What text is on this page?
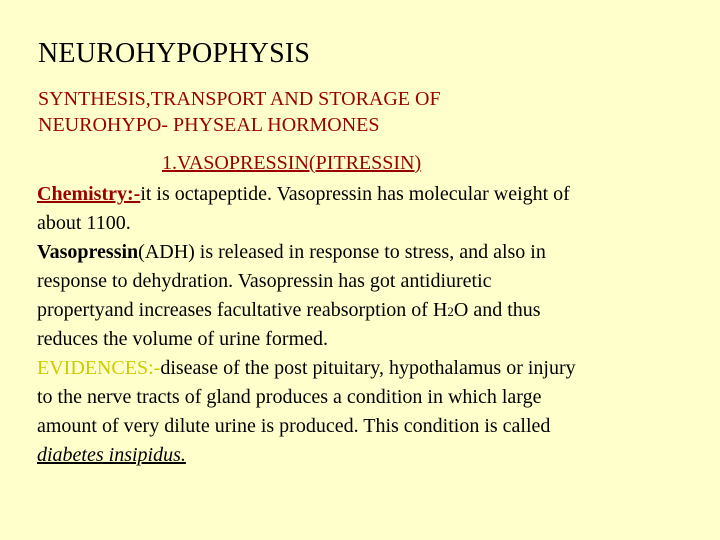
NEUROHYPOPHYSIS
SYNTHESIS,TRANSPORT AND STORAGE OF
NEUROHYPO- PHYSEAL HORMONES
1.VASOPRESSIN(PITRESSIN)
Chemistry:-it is octapeptide. Vasopressin has molecular weight of
about 1100.
Vasopressin(ADH) is released in response to stress, and also in
response to dehydration. Vasopressin has got antidiuretic
propertyand increases facultative reabsorption of H2O and thus
reduces the volume of urine formed.
EVIDENCES:-disease of the post pituitary, hypothalamus or injury
to the nerve tracts of gland produces a condition in which large
amount of very dilute urine is produced. This condition is called
diabetes insipidus.
